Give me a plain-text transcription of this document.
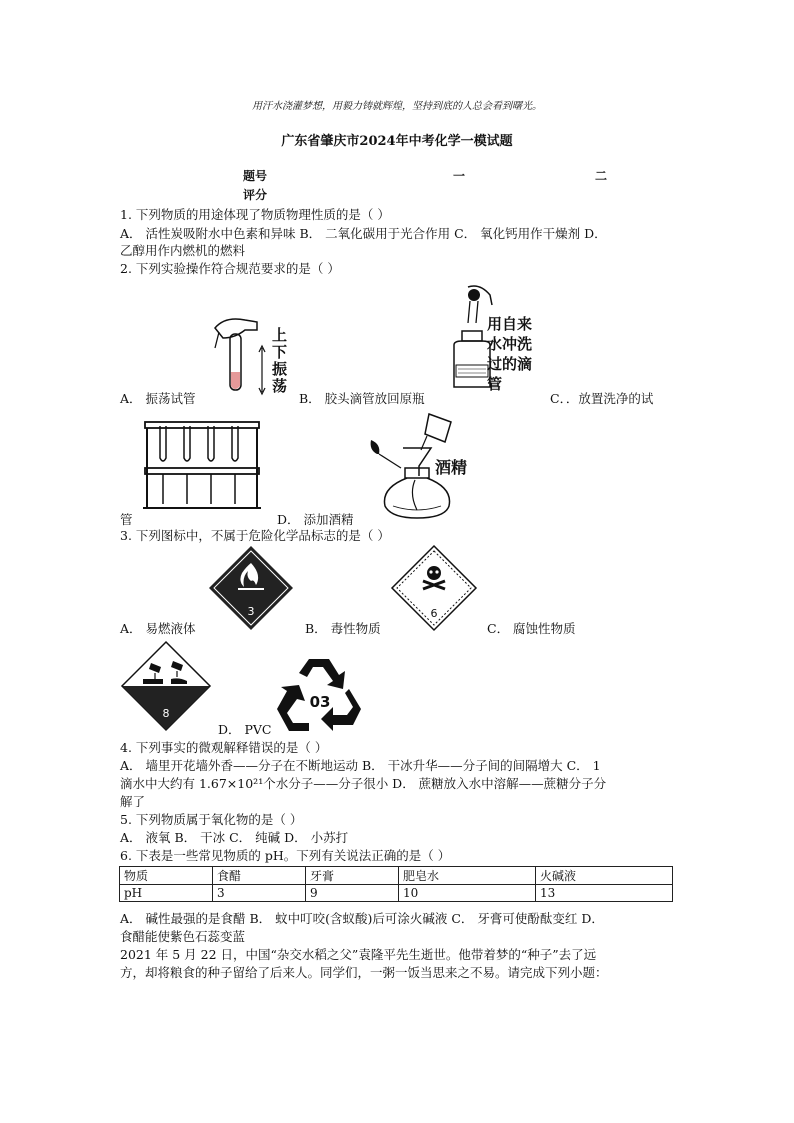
用汗水浇灌梦想，用毅力铸就辉煌，坚持到底的人总会看到曙光。
广东省肇庆市2024年中考化学一模试题
题号	一	二
评分
1. 下列物质的用途体现了物质物理性质的是（ ）
A． 活性炭吸附水中色素和异味 B． 二氧化碳用于光合作用 C． 氧化钙用作干燥剂 D．
乙醇用作内燃机的燃料
2. 下列实验操作符合规范要求的是（ ）
上
下
振
荡
用自来
水冲洗
过的滴
管
A． 振荡试管	B． 胶头滴管放回原瓶	C．．放置洗净的试
酒精
管	D． 添加酒精
3. 下列图标中，不属于危险化学品标志的是（ ）
3	6
A． 易燃液体	B． 毒性物质	C． 腐蚀性物质
8
03
D． PVC
4. 下列事实的微观解释错误的是（ ）
A． 墙里开花墙外香——分子在不断地运动 B． 干冰升华——分子间的间隔增大 C． 1
滴水中大约有 1.67×10²¹个水分子——分子很小 D． 蔗糖放入水中溶解——蔗糖分子分
解了
5. 下列物质属于氧化物的是（ ）
A． 液氧 B． 干冰 C． 纯碱 D． 小苏打
6. 下表是一些常见物质的 pH。下列有关说法正确的是（ ）
物质	食醋	牙膏	肥皂水	火碱液
pH	3	9	10	13
A． 碱性最强的是食醋 B． 蚊中叮咬(含蚁酸)后可涂火碱液 C． 牙膏可使酚酞变红 D．
食醋能使紫色石蕊变蓝
2021 年 5 月 22 日，中国“杂交水稻之父”袁隆平先生逝世。他带着梦的“种子”去了远
方，却将粮食的种子留给了后来人。同学们，一粥一饭当思来之不易。请完成下列小题：
